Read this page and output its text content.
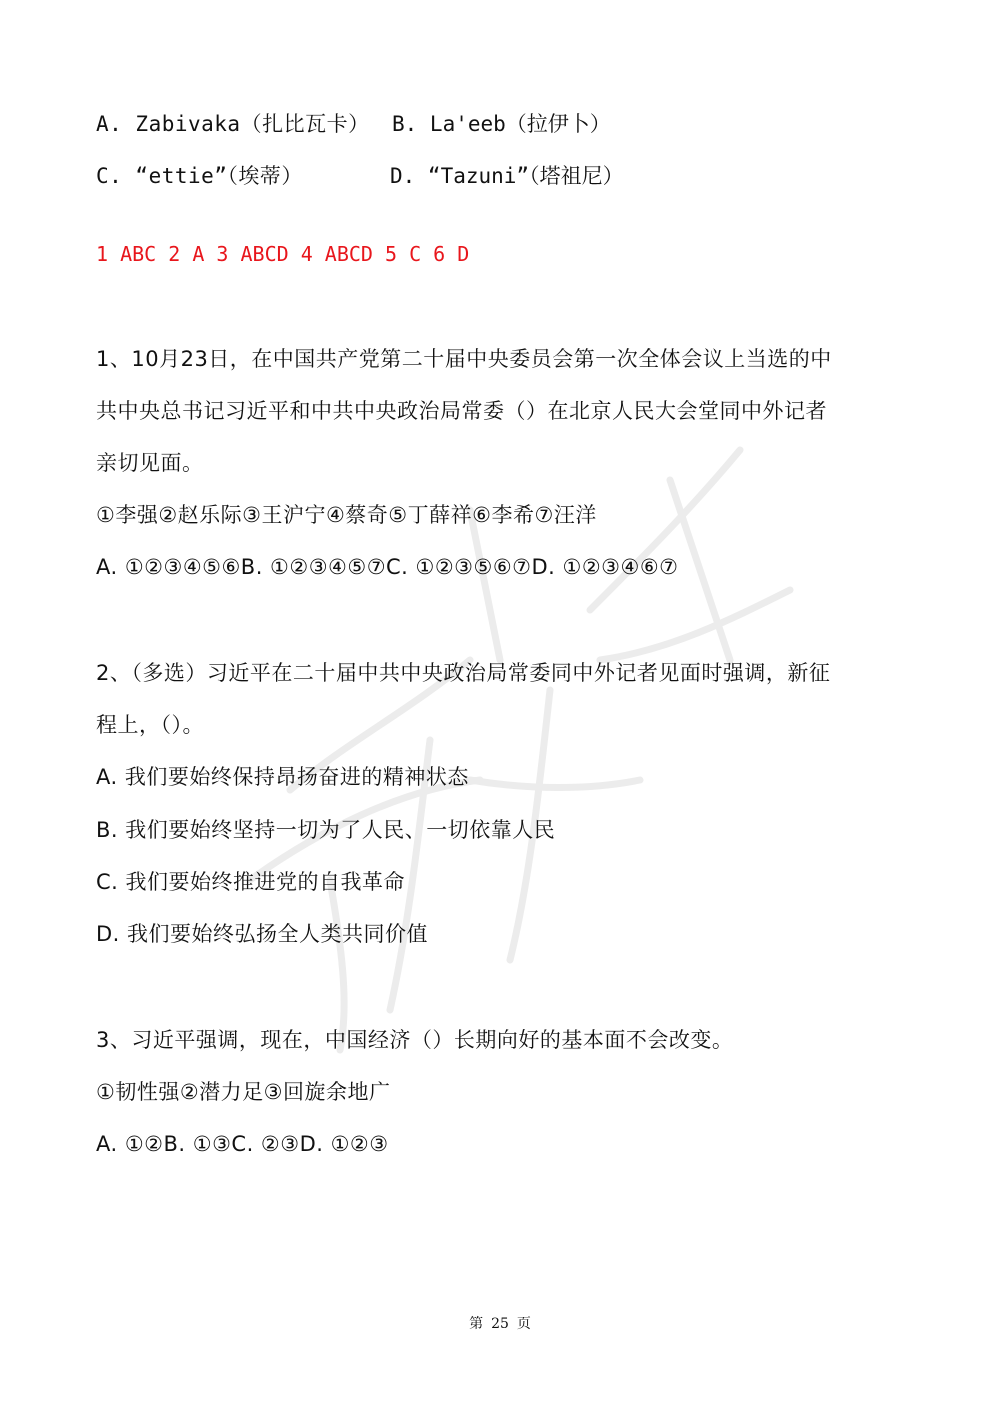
A. Zabivaka（扎比瓦卡） B. La'eeb（拉伊卜）
C. “ettie”（埃蒂）	D. “Tazuni”（塔祖尼）
1 ABC 2 A 3 ABCD 4 ABCD 5 C 6 D
1、10月23日，在中国共产党第二十届中央委员会第一次全体会议上当选的中
共中央总书记习近平和中共中央政治局常委（）在北京人民大会堂同中外记者
亲切见面。
①李强②赵乐际③王沪宁④蔡奇⑤丁薛祥⑥李希⑦汪洋
A. ①②③④⑤⑥B. ①②③④⑤⑦C. ①②③⑤⑥⑦D. ①②③④⑥⑦
2、（多选）习近平在二十届中共中央政治局常委同中外记者见面时强调，新征
程上，（）。
A. 我们要始终保持昂扬奋进的精神状态
B. 我们要始终坚持一切为了人民、一切依靠人民
C. 我们要始终推进党的自我革命
D. 我们要始终弘扬全人类共同价值
3、习近平强调，现在，中国经济（）长期向好的基本面不会改变。
①韧性强②潜力足③回旋余地广
A. ①②B. ①③C. ②③D. ①②③
第 25 页
